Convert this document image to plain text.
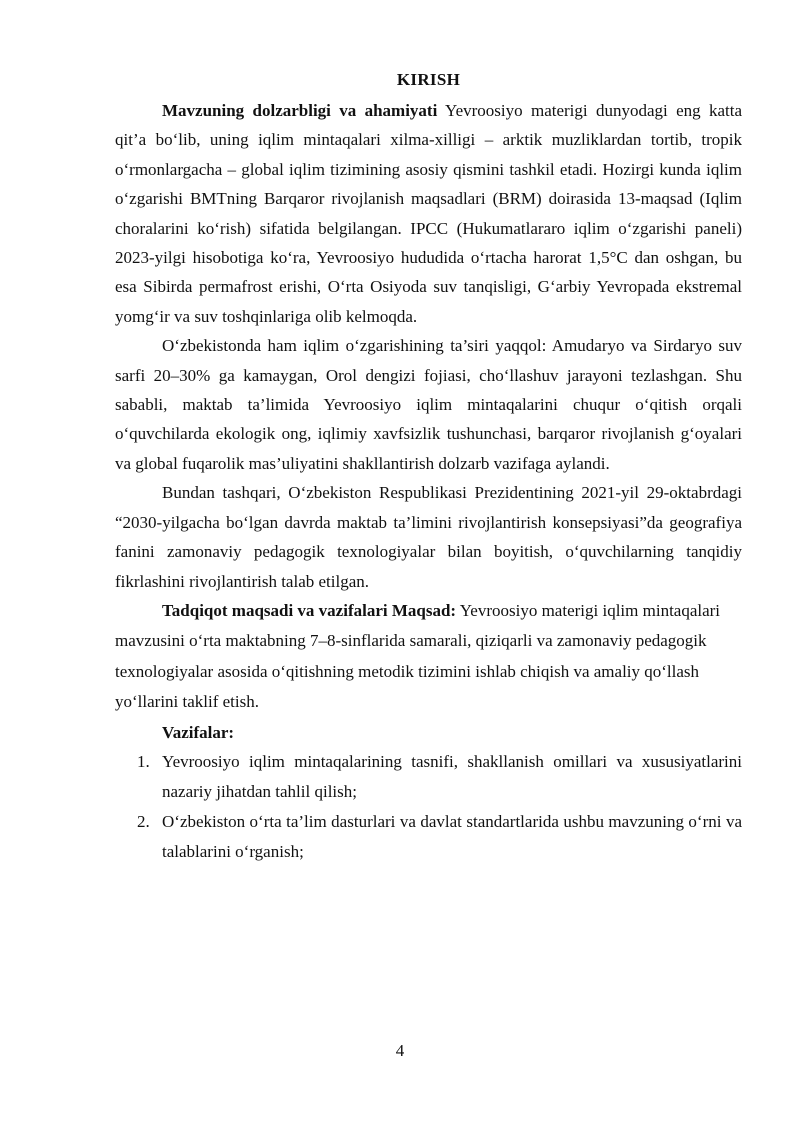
KIRISH

Mavzuning dolzarbligi va ahamiyati Yevroosiyo materigi dunyodagi eng katta qit’a bo‘lib, uning iqlim mintaqalari xilma-xilligi – arktik muzliklardan tortib, tropik o‘rmonlargacha – global iqlim tizimining asosiy qismini tashkil etadi. Hozirgi kunda iqlim o‘zgarishi BMTning Barqaror rivojlanish maqsadlari (BRM) doirasida 13-maqsad (Iqlim choralarini ko‘rish) sifatida belgilangan. IPCC (Hukumatlararo iqlim o‘zgarishi paneli) 2023-yilgi hisobotiga ko‘ra, Yevroosiyo hududida o‘rtacha harorat 1,5°C dan oshgan, bu esa Sibirda permafrost erishi, O‘rta Osiyoda suv tanqisligi, G‘arbiy Yevropada ekstremal yomg‘ir va suv toshqinlariga olib kelmoqda.

O‘zbekistonda ham iqlim o‘zgarishining ta’siri yaqqol: Amudaryo va Sirdaryo suv sarfi 20–30% ga kamaygan, Orol dengizi fojiasi, cho‘llashuv jarayoni tezlashgan. Shu sababli, maktab ta’limida Yevroosiyo iqlim mintaqalarini chuqur o‘qitish orqali o‘quvchilarda ekologik ong, iqlimiy xavfsizlik tushunchasi, barqaror rivojlanish g‘oyalari va global fuqarolik mas’uliyatini shakllantirish dolzarb vazifaga aylandi.

Bundan tashqari, O‘zbekiston Respublikasi Prezidentining 2021-yil 29-oktabrdagi “2030-yilgacha bo‘lgan davrda maktab ta’limini rivojlantirish konsepsiyasi”da geografiya fanini zamonaviy pedagogik texnologiyalar bilan boyitish, o‘quvchilarning tanqidiy fikrlashini rivojlantirish talab etilgan.

Tadqiqot maqsadi va vazifalari Maqsad: Yevroosiyo materigi iqlim mintaqalari mavzusini o‘rta maktabning 7–8-sinflarida samarali, qiziqarli va zamonaviy pedagogik texnologiyalar asosida o‘qitishning metodik tizimini ishlab chiqish va amaliy qo‘llash yo‘llarini taklif etish.

Vazifalar:

1. Yevroosiyo iqlim mintaqalarining tasnifi, shakllanish omillari va xususiyatlarini nazariy jihatdan tahlil qilish;
2. O‘zbekiston o‘rta ta’lim dasturlari va davlat standartlarida ushbu mavzuning o‘rni va talablarini o‘rganish;
4
